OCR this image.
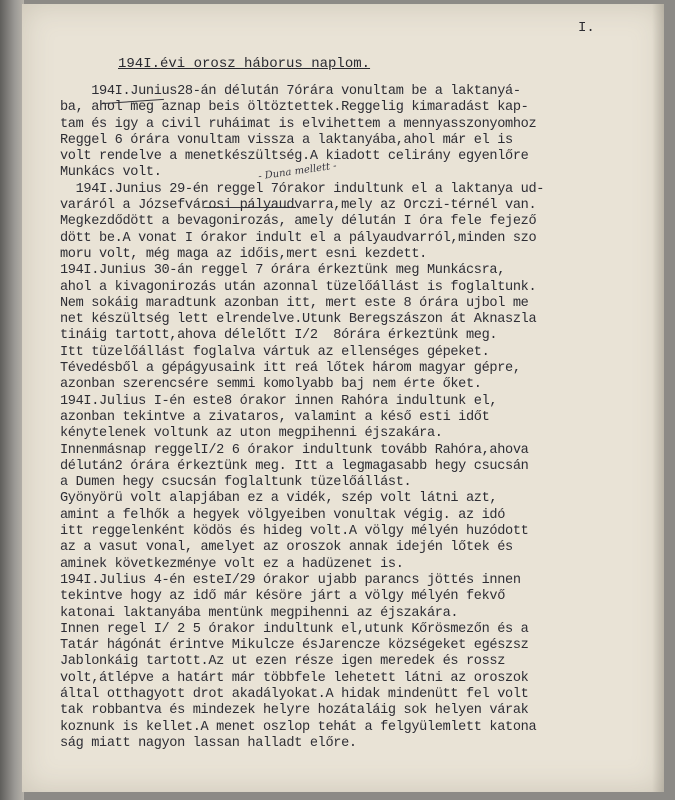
I.
194I.évi orosz háborus naplom.
- Duna mellett -
194I.Junius28-án délután 7órára vonultam be a laktanyá-
ba, ahol meg aznap beis öltöztettek.Reggelig kimaradást kap-
tam és igy a civil ruháimat is elvihettem a mennyasszonyomhoz
Reggel 6 órára vonultam vissza a laktanyába,ahol már el is
volt rendelve a menetkészültség.A kiadott celirány egyenlőre
Munkács volt.
194I.Junius 29-én reggel 7órakor indultunk el a laktanya ud-
varáról a Józsefvárosi pályaudvarra,mely az Orczi-térnél van.
Megkezdődött a bevagonirozás, amely délután I óra fele fejező
dött be.A vonat I órakor indult el a pályaudvarról,minden szo
moru volt, még maga az időis,mert esni kezdett.
194I.Junius 30-án reggel 7 órára érkeztünk meg Munkácsra,
ahol a kivagonirozás után azonnal tüzelőállást is foglaltunk.
Nem sokáig maradtunk azonban itt, mert este 8 órára ujbol me
net készültség lett elrendelve.Utunk Beregszászon át Aknaszla
tináig tartott,ahova délelőtt I/2  8órára érkeztünk meg.
Itt tüzelőállást foglalva vártuk az ellenséges gépeket.
Tévedésből a gépágyusaink itt reá lőtek három magyar gépre,
azonban szerencsére semmi komolyabb baj nem érte őket.
194I.Julius I-én este8 órakor innen Rahóra indultunk el,
azonban tekintve a zivataros, valamint a késő esti időt
kénytelenek voltunk az uton megpihenni éjszakára.
Innenmásnap reggelI/2 6 órakor indultunk tovább Rahóra,ahova
délután2 órára érkeztünk meg. Itt a legmagasabb hegy csucsán
a Dumen hegy csucsán foglaltunk tüzelőállást.
Gyönyörü volt alapjában ez a vidék, szép volt látni azt,
amint a felhők a hegyek völgyeiben vonultak végig. az idó
itt reggelenként ködös és hideg volt.A völgy mélyén huzódott
az a vasut vonal, amelyet az oroszok annak idején lőtek és
aminek következménye volt ez a hadüzenet is.
194I.Julius 4-én esteI/29 órakor ujabb parancs jöttés innen
tekintve hogy az idő már késöre járt a völgy mélyén fekvő
katonai laktanyába mentünk megpihenni az éjszakára.
Innen regel I/ 2 5 órakor indultunk el,utunk Kőrösmezőn és a
Tatár hágónát érintve Mikulcze ésJarencze községeket egészsz
Jablonkáig tartott.Az ut ezen része igen meredek és rossz
volt,átlépve a határt már többfele lehetett látni az oroszok
által otthagyott drot akadályokat.A hidak mindenütt fel volt
tak robbantva és mindezek helyre hozátaláig sok helyen várak
koznunk is kellet.A menet oszlop tehát a felgyülemlett katona
ság miatt nagyon lassan halladt előre.
